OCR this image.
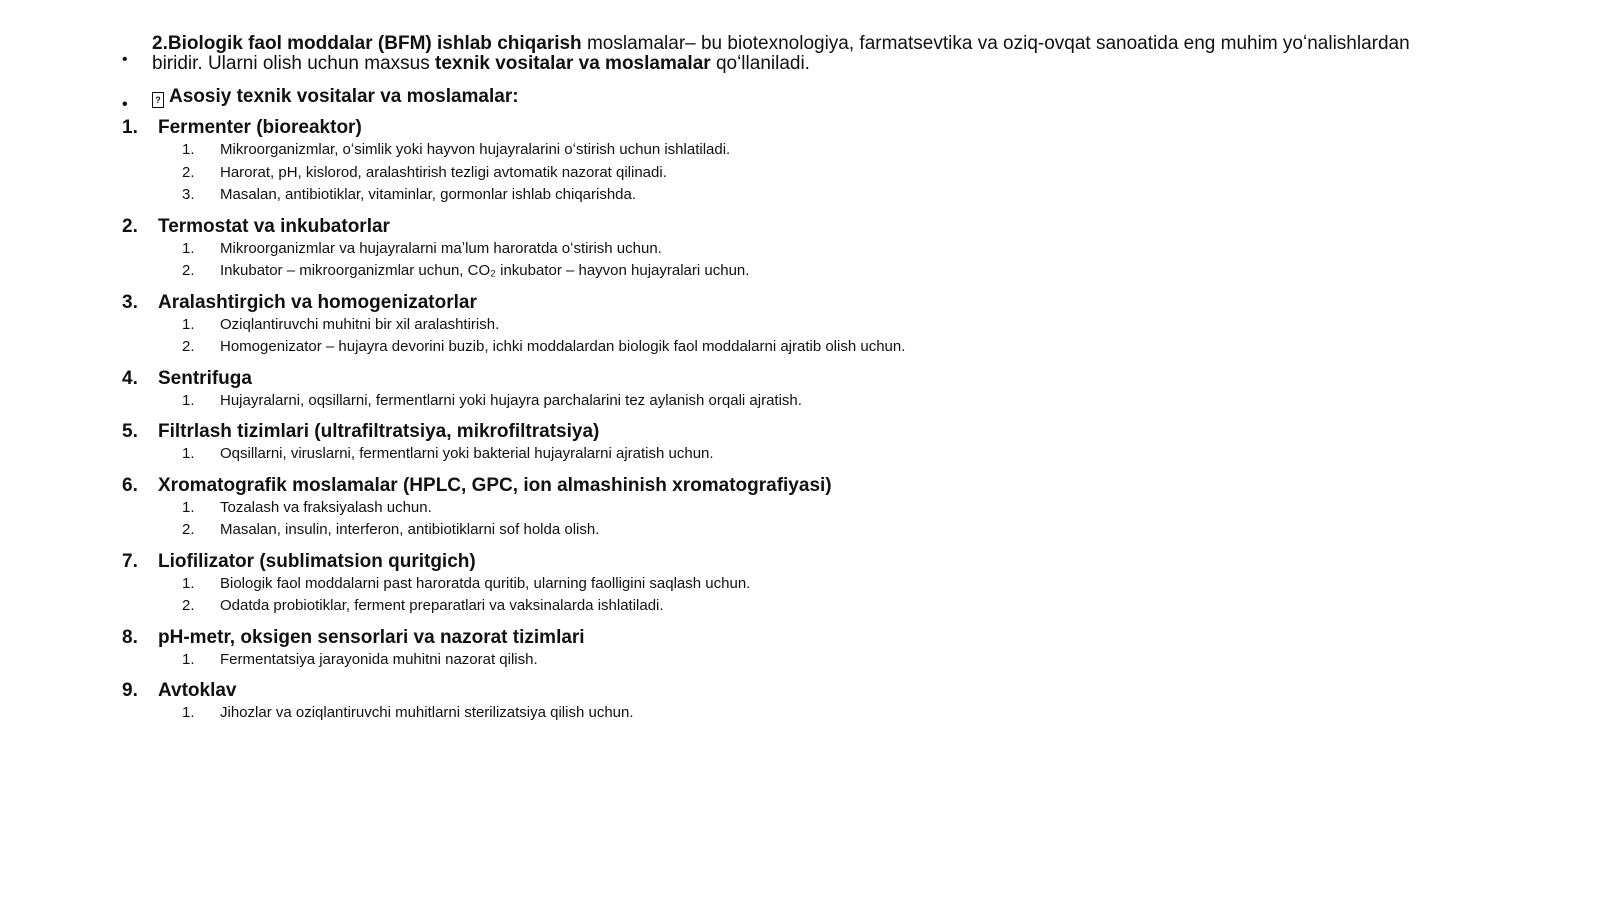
•
2.Biologik faol moddalar (BFM) ishlab chiqarish moslamalar– bu biotexnologiya, farmatsevtika va oziq-ovqat sanoatida eng muhim yoʻnalishlardan biridir. Ularni olish uchun maxsus texnik vositalar va moslamalar qoʻllaniladi.
•	? Asosiy texnik vositalar va moslamalar:
1.	Fermenter (bioreaktor)
1.	Mikroorganizmlar, oʻsimlik yoki hayvon hujayralarini oʻstirish uchun ishlatiladi.
2.	Harorat, pH, kislorod, aralashtirish tezligi avtomatik nazorat qilinadi.
3.	Masalan, antibiotiklar, vitaminlar, gormonlar ishlab chiqarishda.
2.	Termostat va inkubatorlar
1.	Mikroorganizmlar va hujayralarni maʼlum haroratda oʻstirish uchun.
2.	Inkubator – mikroorganizmlar uchun, CO₂ inkubator – hayvon hujayralari uchun.
3.	Aralashtirgich va homogenizatorlar
1.	Oziqlantiruvchi muhitni bir xil aralashtirish.
2.	Homogenizator – hujayra devorini buzib, ichki moddalardan biologik faol moddalarni ajratib olish uchun.
4.	Sentrifuga
1.	Hujayralarni, oqsillarni, fermentlarni yoki hujayra parchalarini tez aylanish orqali ajratish.
5.	Filtrlash tizimlari (ultrafiltratsiya, mikrofiltratsiya)
1.	Oqsillarni, viruslarni, fermentlarni yoki bakterial hujayralarni ajratish uchun.
6.	Xromatografik moslamalar (HPLC, GPC, ion almashinish xromatografiyasi)
1.	Tozalash va fraksiyalash uchun.
2.	Masalan, insulin, interferon, antibiotiklarni sof holda olish.
7.	Liofilizator (sublimatsion quritgich)
1.	Biologik faol moddalarni past haroratda quritib, ularning faolligini saqlash uchun.
2.	Odatda probiotiklar, ferment preparatlari va vaksinalarda ishlatiladi.
8.	pH-metr, oksigen sensorlari va nazorat tizimlari
1.	Fermentatsiya jarayonida muhitni nazorat qilish.
9.	Avtoklav
1.	Jihozlar va oziqlantiruvchi muhitlarni sterilizatsiya qilish uchun.
